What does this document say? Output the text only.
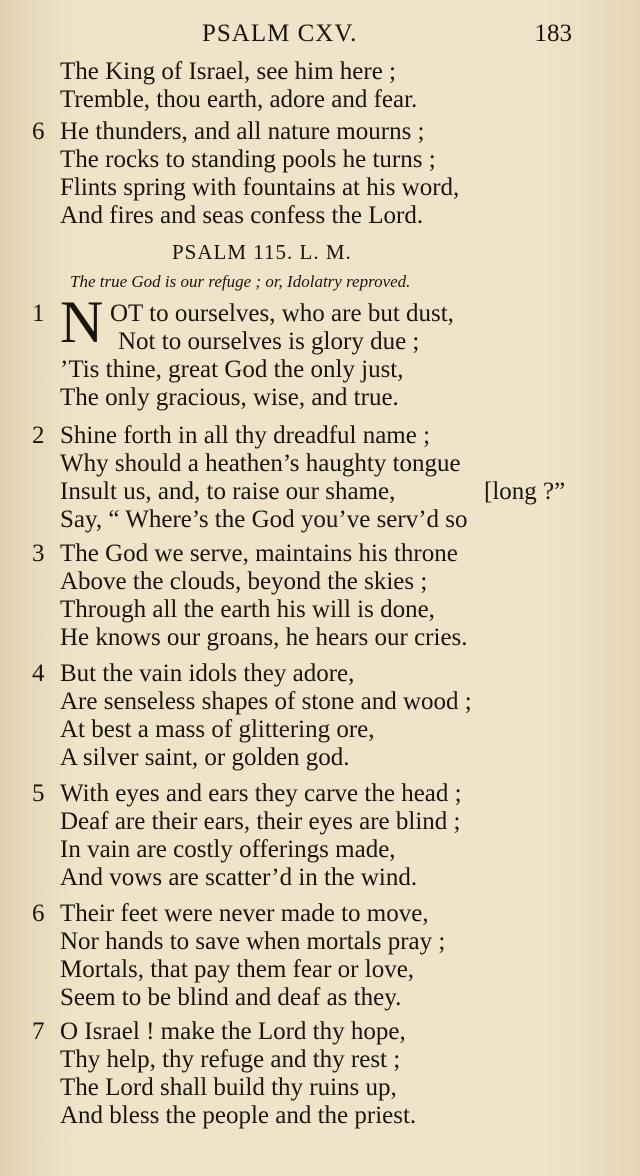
PSALM CXV.	183
The King of Israel, see him here ;
Tremble, thou earth, adore and fear.
6 He thunders, and all nature mourns ;
The rocks to standing pools he turns ;
Flints spring with fountains at his word,
And fires and seas confess the Lord.
PSALM 115. L. M.
The true God is our refuge ; or, Idolatry reproved.
1 N OT to ourselves, who are but dust,
Not to ourselves is glory due ;
’Tis thine, great God the only just,
The only gracious, wise, and true.
2 Shine forth in all thy dreadful name ;
Why should a heathen’s haughty tongue
Insult us, and, to raise our shame,	[long ?”
Say, “ Where’s the God you’ve serv’d so
3 The God we serve, maintains his throne
Above the clouds, beyond the skies ;
Through all the earth his will is done,
He knows our groans, he hears our cries.
4 But the vain idols they adore,
Are senseless shapes of stone and wood ;
At best a mass of glittering ore,
A silver saint, or golden god.
5 With eyes and ears they carve the head ;
Deaf are their ears, their eyes are blind ;
In vain are costly offerings made,
And vows are scatter’d in the wind.
6 Their feet were never made to move,
Nor hands to save when mortals pray ;
Mortals, that pay them fear or love,
Seem to be blind and deaf as they.
7 O Israel ! make the Lord thy hope,
Thy help, thy refuge and thy rest ;
The Lord shall build thy ruins up,
And bless the people and the priest.
